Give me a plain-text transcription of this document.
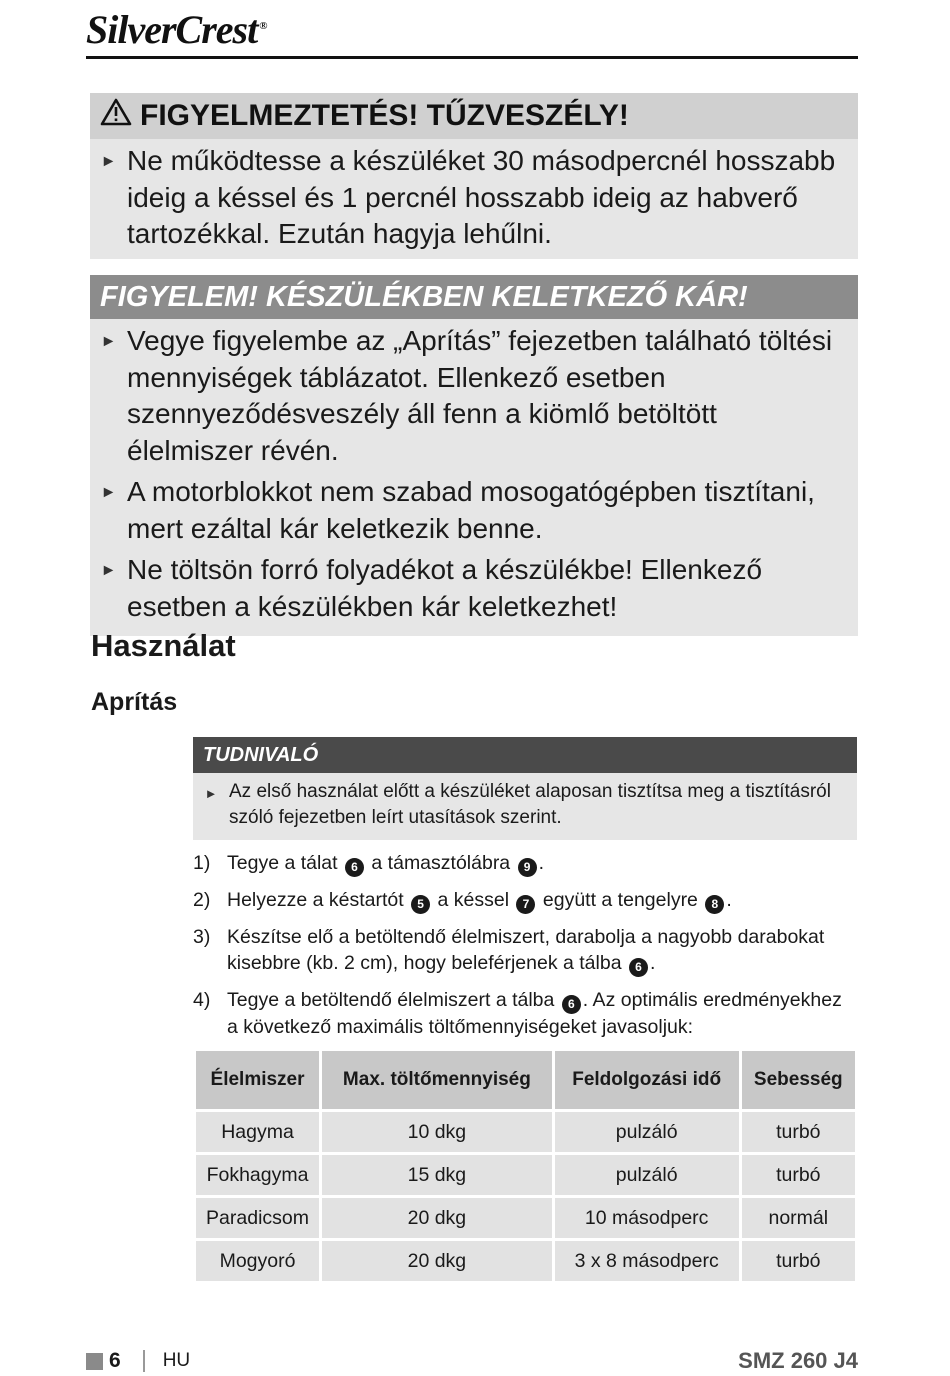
SilverCrest ®
FIGYELMEZTETÉS! TŰZVESZÉLY!
► Ne működtesse a készüléket 30 másodpercnél hosszabb ideig a késsel és 1 percnél hosszabb ideig az habverő tartozékkal. Ezután hagyja lehűlni.
FIGYELEM! KÉSZÜLÉKBEN KELETKEZŐ KÁR!
► Vegye figyelembe az „Aprítás” fejezetben található töltési mennyiségek táblázatot. Ellenkező esetben szennyeződésveszély áll fenn a kiömlő betöltött élelmiszer révén.
► A motorblokkot nem szabad mosogatógépben tisztítani, mert ezáltal kár keletkezik benne.
► Ne töltsön forró folyadékot a készülékbe! Ellenkező esetben a készülékben kár keletkezhet!
Használat
Aprítás
TUDNIVALÓ
► Az első használat előtt a készüléket alaposan tisztítsa meg a tisztításról szóló fejezetben leírt utasítások szerint.
1) Tegye a tálat 6 a támasztólábra 9 .
2) Helyezze a késtartót 5 a késsel 7 együtt a tengelyre 8 .
3) Készítse elő a betöltendő élelmiszert, darabolja a nagyobb darabokat kisebbre (kb. 2 cm), hogy beleférjenek a tálba 6 .
4) Tegye a betöltendő élelmiszert a tálba 6 . Az optimális eredményekhez a következő maximális töltőmennyiségeket javasoljuk:
Élelmiszer	Max. töltőmennyiség	Feldolgozási idő	Sebesség
Hagyma	10 dkg	pulzáló	turbó
Fokhagyma	15 dkg	pulzáló	turbó
Paradicsom	20 dkg	10 másodperc	normál
Mogyoró	20 dkg	3 x 8 másodperc	turbó
6 HU	SMZ 260 J4
